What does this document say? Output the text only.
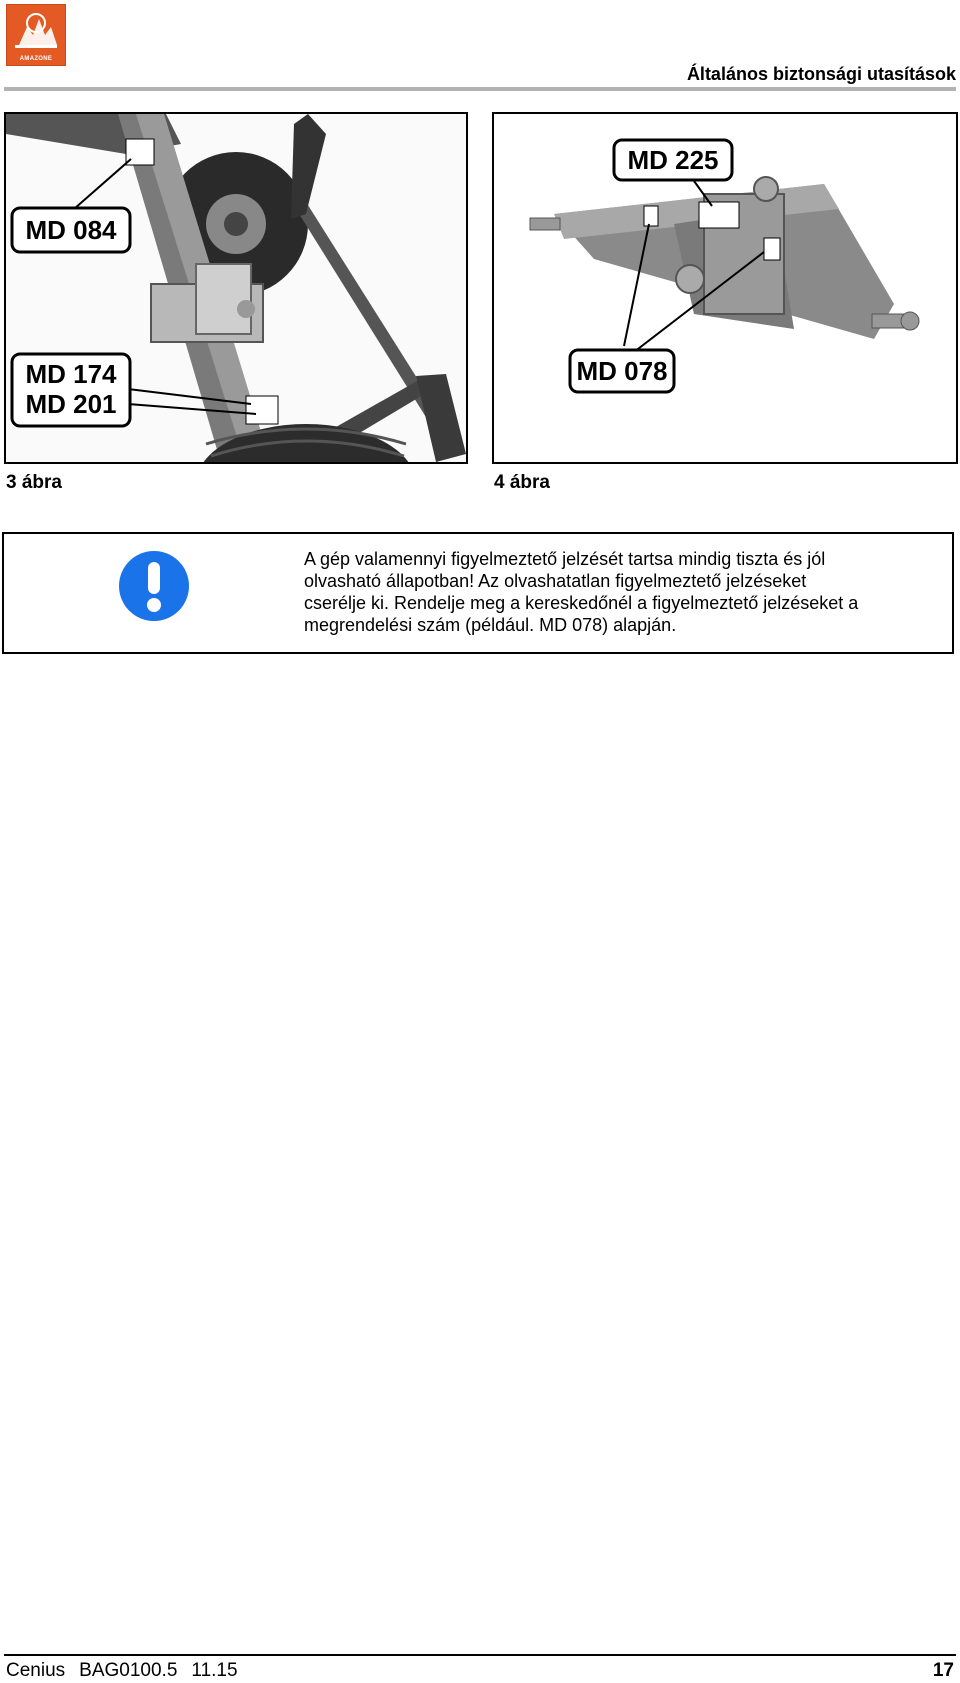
AMAZONE
Általános biztonsági utasítások
MD 084
MD 174
MD 201
MD 225
MD 078
3 ábra	4 ábra
A gép valamennyi figyelmeztető jelzését tartsa mindig tiszta és jól
olvasható állapotban! Az olvashatatlan figyelmeztető jelzéseket
cserélje ki. Rendelje meg a kereskedőnél a figyelmeztető jelzéseket a
megrendelési szám (például. MD 078) alapján.
Cenius BAG0100.5 11.15	17
